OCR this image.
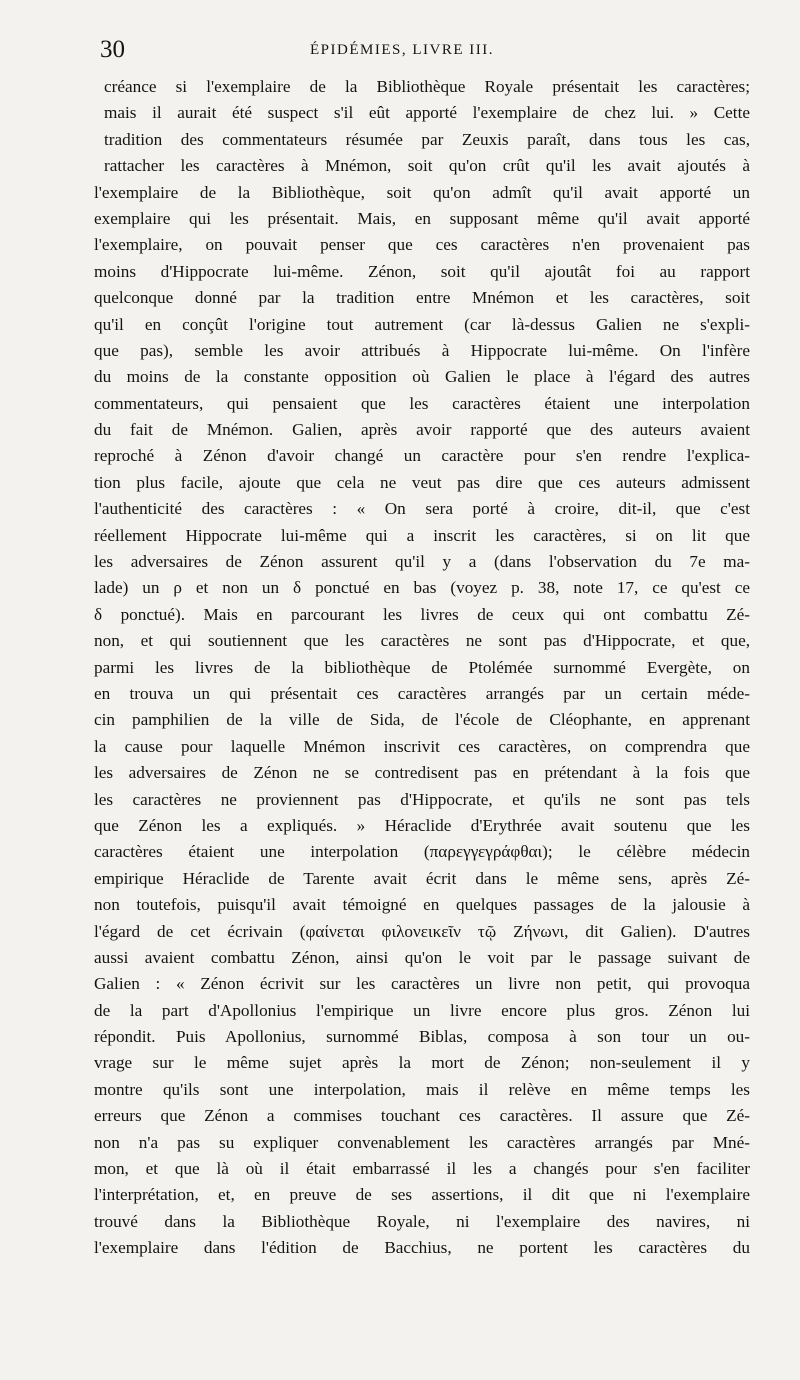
30	ÉPIDÉMIES, LIVRE III.
créance si l'exemplaire de la Bibliothèque Royale présentait les caractères;
mais il aurait été suspect s'il eût apporté l'exemplaire de chez lui. » Cette
tradition des commentateurs résumée par Zeuxis paraît, dans tous les cas,
rattacher les caractères à Mnémon, soit qu'on crût qu'il les avait ajoutés à
l'exemplaire de la Bibliothèque, soit qu'on admît qu'il avait apporté un
exemplaire qui les présentait. Mais, en supposant même qu'il avait apporté
l'exemplaire, on pouvait penser que ces caractères n'en provenaient pas
moins d'Hippocrate lui-même. Zénon, soit qu'il ajoutât foi au rapport
quelconque donné par la tradition entre Mnémon et les caractères, soit
qu'il en conçût l'origine tout autrement (car là-dessus Galien ne s'expli-
que pas), semble les avoir attribués à Hippocrate lui-même. On l'infère
du moins de la constante opposition où Galien le place à l'égard des autres
commentateurs, qui pensaient que les caractères étaient une interpolation
du fait de Mnémon. Galien, après avoir rapporté que des auteurs avaient
reproché à Zénon d'avoir changé un caractère pour s'en rendre l'explica-
tion plus facile, ajoute que cela ne veut pas dire que ces auteurs admissent
l'authenticité des caractères : « On sera porté à croire, dit-il, que c'est
réellement Hippocrate lui-même qui a inscrit les caractères, si on lit que
les adversaires de Zénon assurent qu'il y a (dans l'observation du 7e ma-
lade) un ρ et non un δ ponctué en bas (voyez p. 38, note 17, ce qu'est ce
δ ponctué). Mais en parcourant les livres de ceux qui ont combattu Zé-
non, et qui soutiennent que les caractères ne sont pas d'Hippocrate, et que,
parmi les livres de la bibliothèque de Ptolémée surnommé Evergète, on
en trouva un qui présentait ces caractères arrangés par un certain méde-
cin pamphilien de la ville de Sida, de l'école de Cléophante, en apprenant
la cause pour laquelle Mnémon inscrivit ces caractères, on comprendra que
les adversaires de Zénon ne se contredisent pas en prétendant à la fois que
les caractères ne proviennent pas d'Hippocrate, et qu'ils ne sont pas tels
que Zénon les a expliqués. » Héraclide d'Erythrée avait soutenu que les
caractères étaient une interpolation (παρεγγεγράφθαι); le célèbre médecin
empirique Héraclide de Tarente avait écrit dans le même sens, après Zé-
non toutefois, puisqu'il avait témoigné en quelques passages de la jalousie à
l'égard de cet écrivain (φαίνεται φιλονεικεῖν τῷ Ζήνωνι, dit Galien). D'autres
aussi avaient combattu Zénon, ainsi qu'on le voit par le passage suivant de
Galien : « Zénon écrivit sur les caractères un livre non petit, qui provoqua
de la part d'Apollonius l'empirique un livre encore plus gros. Zénon lui
répondit. Puis Apollonius, surnommé Biblas, composa à son tour un ou-
vrage sur le même sujet après la mort de Zénon; non-seulement il y
montre qu'ils sont une interpolation, mais il relève en même temps les
erreurs que Zénon a commises touchant ces caractères. Il assure que Zé-
non n'a pas su expliquer convenablement les caractères arrangés par Mné-
mon, et que là où il était embarrassé il les a changés pour s'en faciliter
l'interprétation, et, en preuve de ses assertions, il dit que ni l'exemplaire
trouvé dans la Bibliothèque Royale, ni l'exemplaire des navires, ni
l'exemplaire dans l'édition de Bacchius, ne portent les caractères du
